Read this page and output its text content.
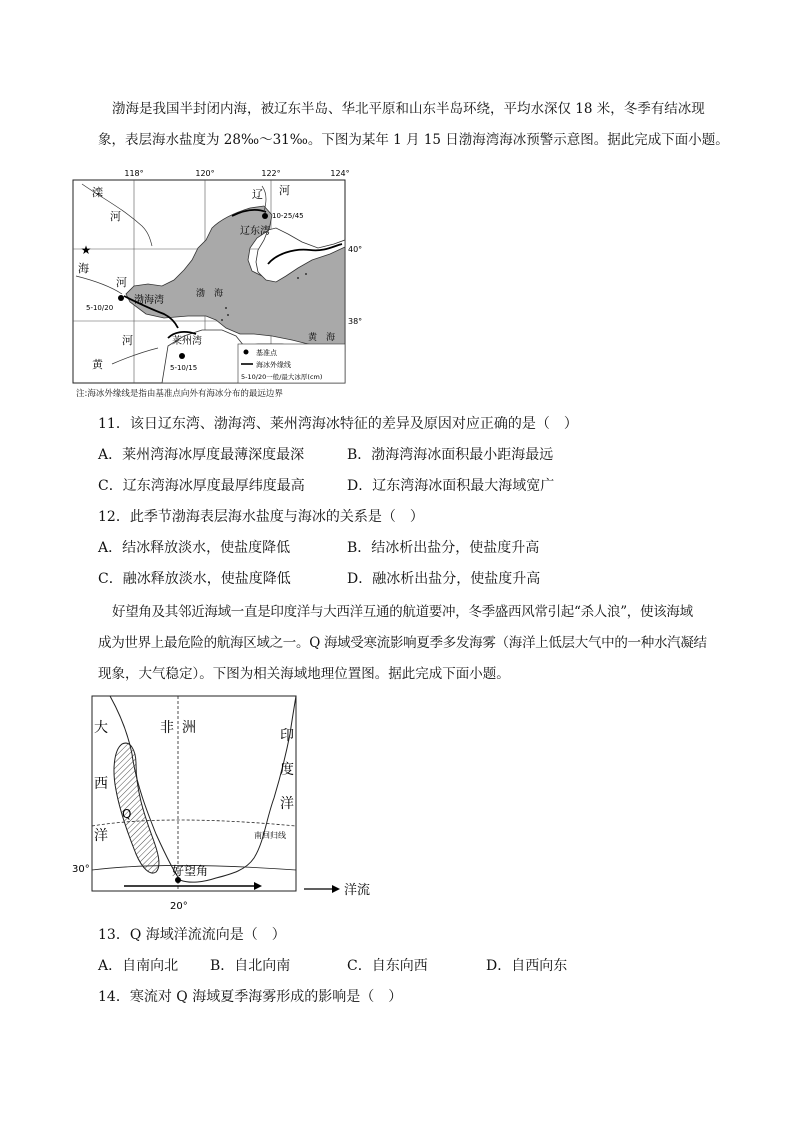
渤海是我国半封闭内海，被辽东半岛、华北平原和山东半岛环绕，平均水深仅 18 米，冬季有结冰现
象，表层海水盐度为 28‰～31‰。下图为某年 1 月 15 日渤海湾海冰预警示意图。据此完成下面小题。
118°	120°	122°	124°
40°
38°
★
滦
河
辽 河
海
河
黄
河
辽东湾
渤海湾
莱州湾
渤　海
黄　海
10-25/45
5-10/20
5-10/15
基准点
海冰外缘线
5-10/20一般/最大冰厚(cm)
注:海冰外缘线是指由基准点向外有海冰分布的最远边界
11．该日辽东湾、渤海湾、莱州湾海冰特征的差异及原因对应正确的是（　）
A．莱州湾海冰厚度最薄深度最深	B．渤海湾海冰面积最小距海最远
C．辽东湾海冰厚度最厚纬度最高	D．辽东湾海冰面积最大海域宽广
12．此季节渤海表层海水盐度与海冰的关系是（　）
A．结冰释放淡水，使盐度降低	B．结冰析出盐分，使盐度升高
C．融冰释放淡水，使盐度降低	D．融冰析出盐分，使盐度升高
好望角及其邻近海域一直是印度洋与大西洋互通的航道要冲，冬季盛西风常引起“杀人浪”，使该海域
成为世界上最危险的航海区域之一。Q 海域受寒流影响夏季多发海雾（海洋上低层大气中的一种水汽凝结
现象，大气稳定）。下图为相关海域地理位置图。据此完成下面小题。
大
西
洋
非 洲	印
度
洋
Q
南回归线
好望角
30°
20°
洋流
13．Q 海域洋流流向是（　）
A．自南向北 B．自北向南	C．自东向西	D．自西向东
14．寒流对 Q 海域夏季海雾形成的影响是（　）
